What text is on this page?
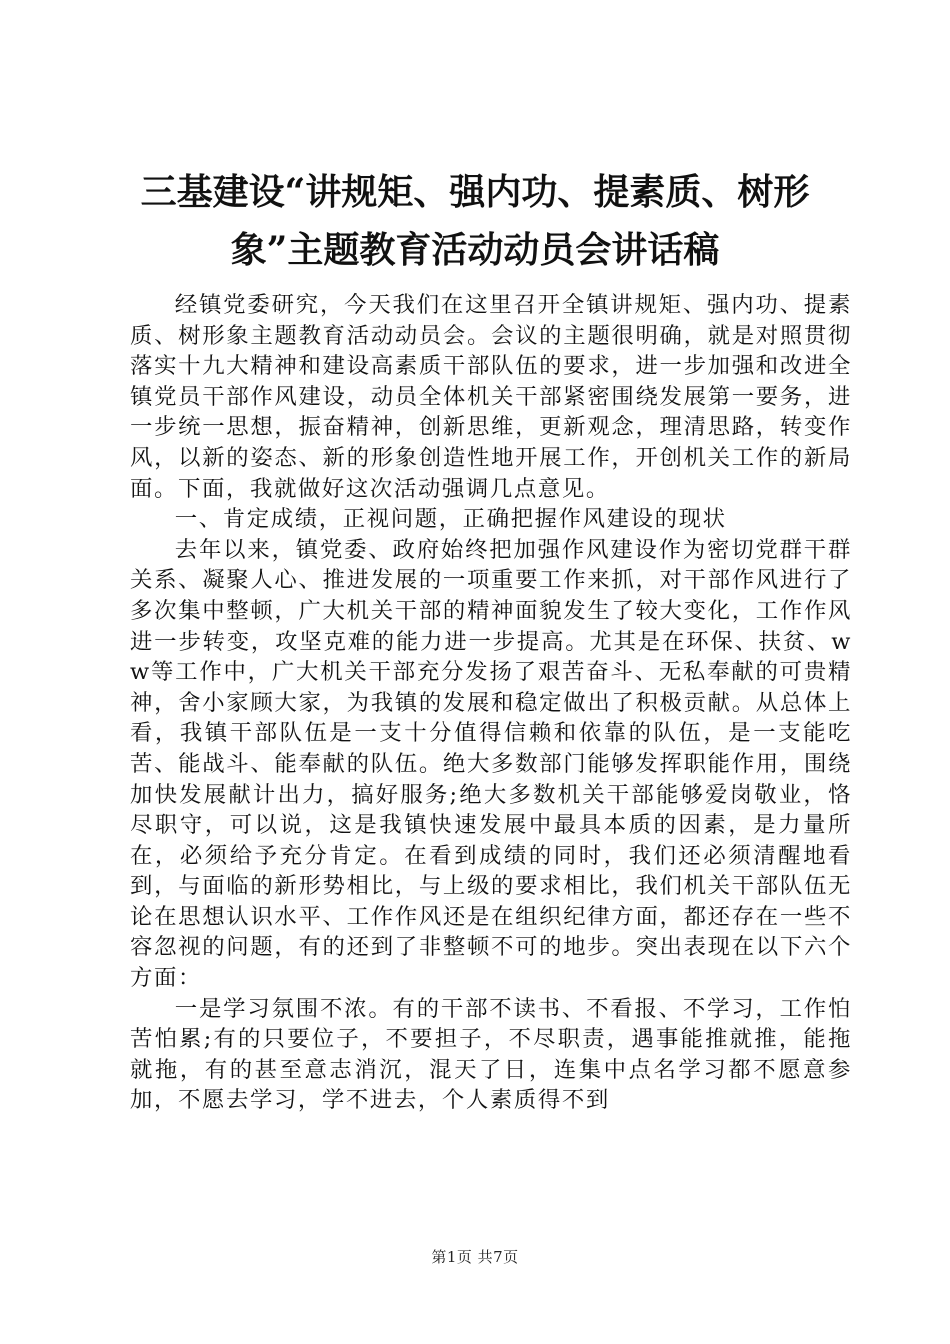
三基建设“讲规矩、强内功、提素质、树形
象”主题教育活动动员会讲话稿

经镇党委研究，今天我们在这里召开全镇讲规矩、强内功、提素质、树形象主题教育活动动员会。会议的主题很明确，就是对照贯彻落实十九大精神和建设高素质干部队伍的要求，进一步加强和改进全镇党员干部作风建设，动员全体机关干部紧密围绕发展第一要务，进一步统一思想，振奋精神，创新思维，更新观念，理清思路，转变作风，以新的姿态、新的形象创造性地开展工作，开创机关工作的新局面。下面，我就做好这次活动强调几点意见。

一、肯定成绩，正视问题，正确把握作风建设的现状

去年以来，镇党委、政府始终把加强作风建设作为密切党群干群关系、凝聚人心、推进发展的一项重要工作来抓，对干部作风进行了多次集中整顿，广大机关干部的精神面貌发生了较大变化，工作作风进一步转变，攻坚克难的能力进一步提高。尤其是在环保、扶贫、ww等工作中，广大机关干部充分发扬了艰苦奋斗、无私奉献的可贵精神，舍小家顾大家，为我镇的发展和稳定做出了积极贡献。从总体上看，我镇干部队伍是一支十分值得信赖和依靠的队伍，是一支能吃苦、能战斗、能奉献的队伍。绝大多数部门能够发挥职能作用，围绕加快发展献计出力，搞好服务;绝大多数机关干部能够爱岗敬业，恪尽职守，可以说，这是我镇快速发展中最具本质的因素，是力量所在，必须给予充分肯定。在看到成绩的同时，我们还必须清醒地看到，与面临的新形势相比，与上级的要求相比，我们机关干部队伍无论在思想认识水平、工作作风还是在组织纪律方面，都还存在一些不容忽视的问题，有的还到了非整顿不可的地步。突出表现在以下六个方面：

一是学习氛围不浓。有的干部不读书、不看报、不学习，工作怕苦怕累;有的只要位子，不要担子，不尽职责，遇事能推就推，能拖就拖，有的甚至意志消沉，混天了日，连集中点名学习都不愿意参加，不愿去学习，学不进去，个人素质得不到

第1页 共7页
